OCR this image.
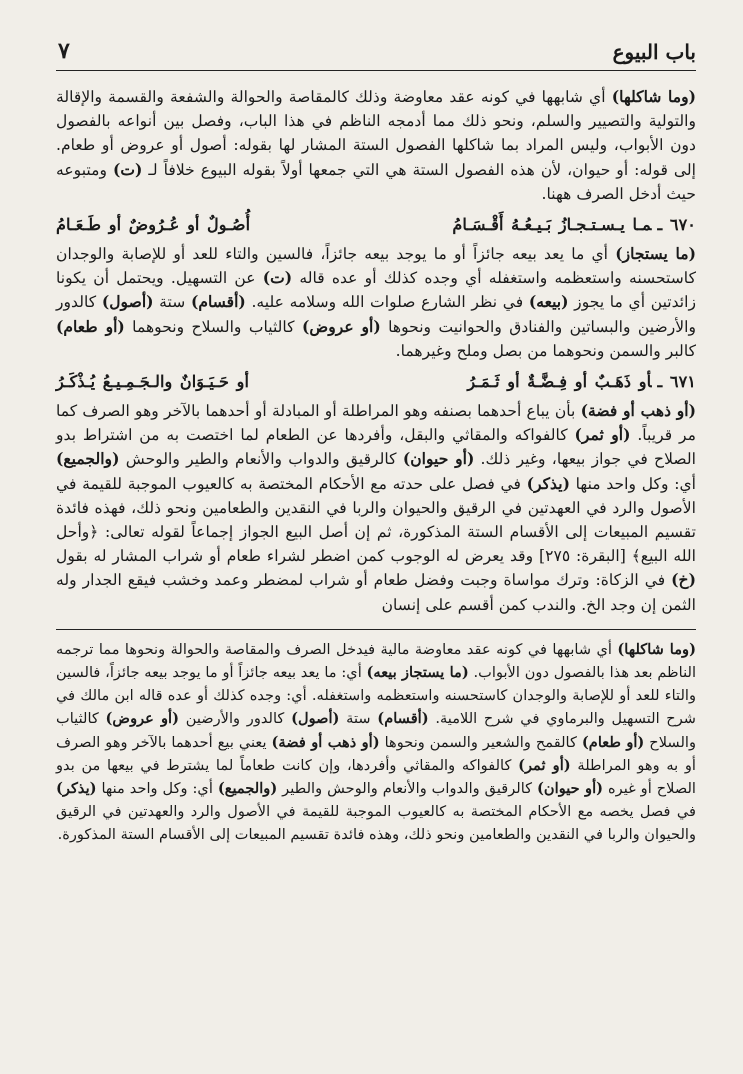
باب البيوع
٧

(وما شاكلها) أي شابهها في كونه عقد معاوضة وذلك كالمقاصة والحوالة والشفعة والقسمة والإقالة والتولية والتصيير والسلم، ونحو ذلك مما أدمجه الناظم في هذا الباب، وفصل بين أنواعه بالفصول دون الأبواب، وليس المراد بما شاكلها الفصول الستة المشار لها بقوله: أصول أو عروض أو طعام. إلى قوله: أو حيوان، لأن هذه الفصول الستة هي التي جمعها أولاً بقوله البيوع خلافاً لـ (ت) ومتبوعه حيث أدخل الصرف ههنا.

٦٧٠ ـمـا يـسـتـجـازُ بَـيـعُـهُ أَقْـسَـامُ
أُصُـولٌ أو عُـرُوضٌ أو طَـعَـامُ

(ما يستجاز) أي ما يعد بيعه جائزاً أو ما يوجد بيعه جائزاً، فالسين والتاء للعد أو للإصابة والوجدان كاستحسنه واستعظمه واستغفله أي وجده كذلك أو عده قاله (ت) عن التسهيل. ويحتمل أن يكونا زائدتين أي ما يجوز (بيعه) في نظر الشارع صلوات الله وسلامه عليه. (أقسام) ستة (أصول) كالدور والأرضين والبساتين والفنادق والحوانيت ونحوها (أو عروض) كالثياب والسلاح ونحوهما (أو طعام) كالبر والسمن ونحوهما من بصل وملح وغيرهما.

٦٧١ ـأو ذَهَـبٌ أو فِـضَّـةٌ أو ثَـمَـرُ
أو حَـيَـوَانٌ والـجَـمِـيـعُ يُـذْكَـرُ

(أو ذهب أو فضة) بأن يباع أحدهما بصنفه وهو المراطلة أو المبادلة أو أحدهما بالآخر وهو الصرف كما مر قريباً. (أو ثمر) كالفواكه والمقاثي والبقل، وأفردها عن الطعام لما اختصت به من اشتراط بدو الصلاح في جواز بيعها، وغير ذلك. (أو حيوان) كالرقيق والدواب والأنعام والطير والوحش (والجميع) أي: وكل واحد منها (يذكر) في فصل على حدته مع الأحكام المختصة به كالعيوب الموجبة للقيمة في الأصول والرد في العهدتين في الرقيق والحيوان والربا في النقدين والطعامين ونحو ذلك، فهذه فائدة تقسيم المبيعات إلى الأقسام الستة المذكورة، ثم إن أصل البيع الجواز إجماعاً لقوله تعالى: ﴿وأحل الله البيع﴾ [البقرة: ٢٧٥] وقد يعرض له الوجوب كمن اضطر لشراء طعام أو شراب المشار له بقول (خ) في الزكاة: وترك مواساة وجبت وفضل طعام أو شراب لمضطر وعمد وخشب فيقع الجدار وله الثمن إن وجد الخ. والندب كمن أقسم على إنسان

(وما شاكلها) أي شابهها في كونه عقد معاوضة مالية فيدخل الصرف والمقاصة والحوالة ونحوها مما ترجمه الناظم بعد هذا بالفصول دون الأبواب. (ما يستجاز بيعه) أي: ما يعد بيعه جائزاً أو ما يوجد بيعه جائزاً، فالسين والتاء للعد أو للإصابة والوجدان كاستحسنه واستعظمه واستغفله. أي: وجده كذلك أو عده قاله ابن مالك في شرح التسهيل والبرماوي في شرح اللامية. (أقسام) ستة (أصول) كالدور والأرضين (أو عروض) كالثياب والسلاح (أو طعام) كالقمح والشعير والسمن ونحوها (أو ذهب أو فضة) يعني بيع أحدهما بالآخر وهو الصرف أو به وهو المراطلة (أو ثمر) كالفواكه والمقاثي وأفردها، وإن كانت طعاماً لما يشترط في بيعها من بدو الصلاح أو غيره (أو حيوان) كالرقيق والدواب والأنعام والوحش والطير (والجميع) أي: وكل واحد منها (يذكر) في فصل يخصه مع الأحكام المختصة به كالعيوب الموجبة للقيمة في الأصول والرد والعهدتين في الرقيق والحيوان والربا في النقدين والطعامين ونحو ذلك، وهذه فائدة تقسيم المبيعات إلى الأقسام الستة المذكورة.
